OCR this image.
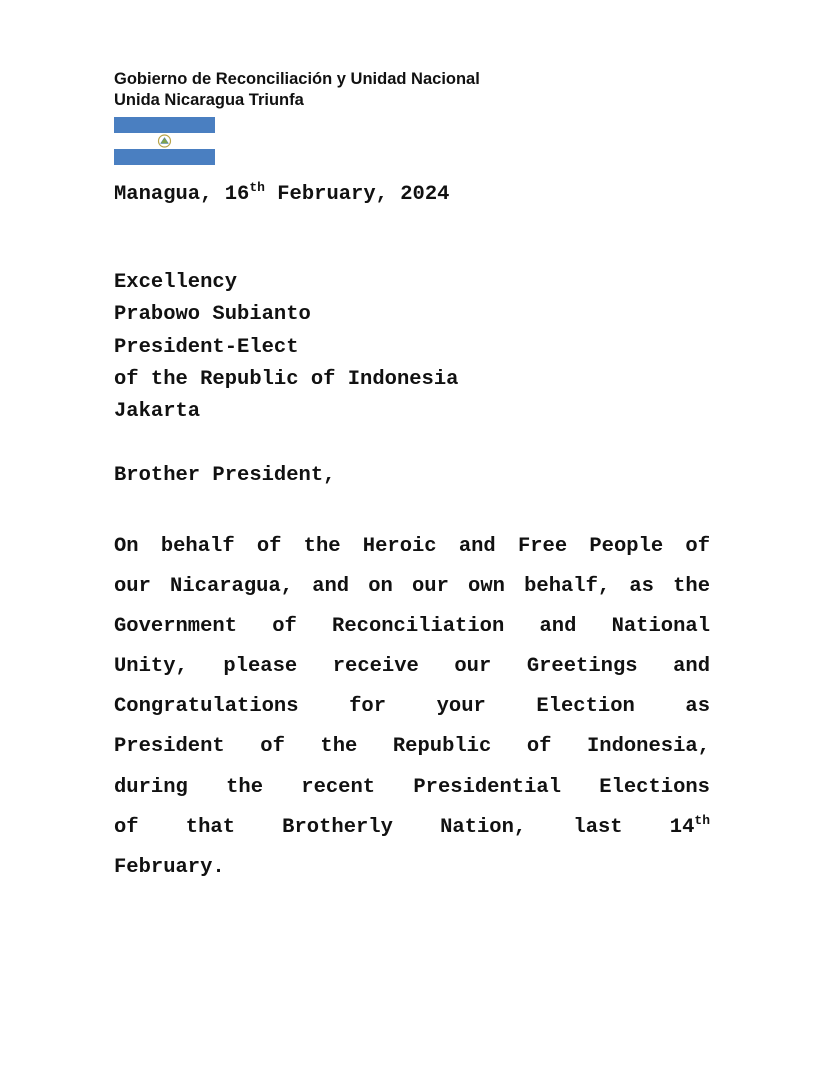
Gobierno de Reconciliación y Unidad Nacional
Unida Nicaragua Triunfa
Managua, 16th February, 2024
Excellency
Prabowo Subianto
President-Elect
of the Republic of Indonesia
Jakarta
Brother President,
On behalf of the Heroic and Free People of
our Nicaragua, and on our own behalf, as the
Government of Reconciliation and National
Unity, please receive our Greetings and
Congratulations for your Election as
President of the Republic of Indonesia,
during the recent Presidential Elections
of that Brotherly Nation, last 14th
February.
